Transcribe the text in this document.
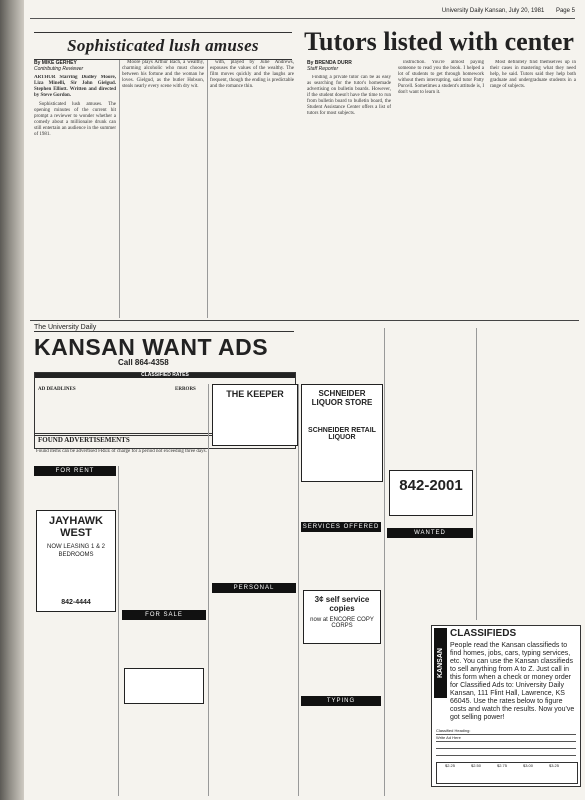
University Daily Kansan, July 20, 1981 Page 5
Sophisticated lush amuses
By MIKE GERHEY
Contributing Reviewer

ARTHUR Starring Dudley Moore, Liza Minelli, Sir John Gielgud. Stephen Elliott. Written and directed by Steve Gordon.

Sophisticated lush amuses. The opening minutes of the current hit prompt a reviewer to wonder whether a comedy about a millionaire drunk can still entertain an audience in the summer of 1981.

Moore plays Arthur Bach, a wealthy, charming alcoholic who must choose between his fortune and the woman he loves. Gielgud, as the butler Hobson, steals nearly every scene with dry wit.

with, played by Julie Andrews, espouses the values of the wealthy. The film moves quickly and the laughs are frequent, though the ending is predictable and the romance thin.

Tutors listed with center
By BRENDA DURR
Staff Reporter

Finding a private tutor can be as easy as searching for the tutor's homemade advertising on bulletin boards. However, if the student doesn't have the time to run from bulletin board to bulletin board, the Student Assistance Center offers a list of tutors for most subjects.

instruction. You're almost paying someone to read you the book. I helped a lot of students to get through homework without them interrupting, said tutor Patty Purcell. Sometimes a student's attitude is, I don't want to learn it.

Most definitely find themselves up in their cases in mastering what they need help, he said. Tutors said they help both graduate and undergraduate students in a range of subjects.

The University Daily
KANSAN WANT ADS
Call 864-4358
CLASSIFIED RATES
AD DEADLINES	ERRORS
FOUND ADVERTISEMENTS
Found items can be advertised FREE of charge for a period not exceeding three days.
FOR RENT
JAYHAWK WEST
NOW LEASING 1 & 2 BEDROOMS
842-4444
FOR SALE
THE KEEPER
PERSONAL
SCHNEIDER LIQUOR STORE
SCHNEIDER RETAIL LIQUOR
SERVICES OFFERED
3¢ self service copies
now at ENCORE COPY CORPS
TYPING
842-2001
WANTED
KANSAN
CLASSIFIEDS
People read the Kansan classifieds to find homes, jobs, cars, typing services, etc. You can use the Kansan classifieds to sell anything from A to Z. Just call in this form when a check or money order for Classified Ads to: University Daily Kansan, 111 Flint Hall, Lawrence, KS 66045. Use the rates below to figure costs and watch the results. Now you've got selling power!
Classified Heading:
Write Ad Here
$2.25	$2.50	$2.75	$3.00	$3.25
